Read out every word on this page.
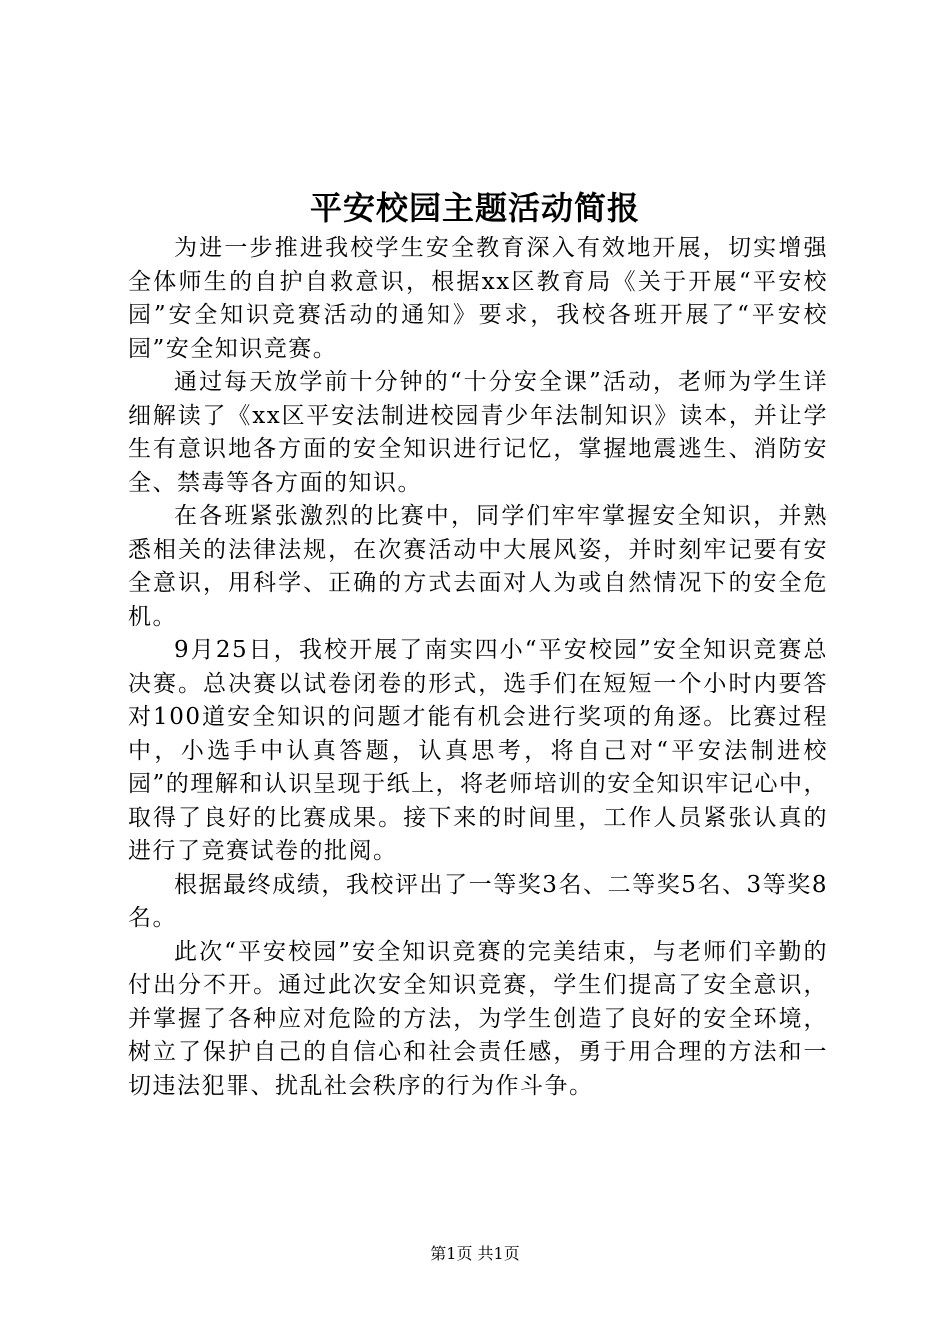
平安校园主题活动简报

为进一步推进我校学生安全教育深入有效地开展，切实增强全体师生的自护自救意识，根据xx区教育局《关于开展“平安校园”安全知识竞赛活动的通知》要求，我校各班开展了“平安校园”安全知识竞赛。

通过每天放学前十分钟的“十分安全课”活动，老师为学生详细解读了《xx区平安法制进校园青少年法制知识》读本，并让学生有意识地各方面的安全知识进行记忆，掌握地震逃生、消防安全、禁毒等各方面的知识。

在各班紧张激烈的比赛中，同学们牢牢掌握安全知识，并熟悉相关的法律法规，在次赛活动中大展风姿，并时刻牢记要有安全意识，用科学、正确的方式去面对人为或自然情况下的安全危机。

9月25日，我校开展了南实四小“平安校园”安全知识竞赛总决赛。总决赛以试卷闭卷的形式，选手们在短短一个小时内要答对100道安全知识的问题才能有机会进行奖项的角逐。比赛过程中，小选手中认真答题，认真思考，将自己对“平安法制进校园”的理解和认识呈现于纸上，将老师培训的安全知识牢记心中，取得了良好的比赛成果。接下来的时间里，工作人员紧张认真的进行了竞赛试卷的批阅。

根据最终成绩，我校评出了一等奖3名、二等奖5名、3等奖8名。

此次“平安校园”安全知识竞赛的完美结束，与老师们辛勤的付出分不开。通过此次安全知识竞赛，学生们提高了安全意识，并掌握了各种应对危险的方法，为学生创造了良好的安全环境，树立了保护自己的自信心和社会责任感，勇于用合理的方法和一切违法犯罪、扰乱社会秩序的行为作斗争。

第1页 共1页
